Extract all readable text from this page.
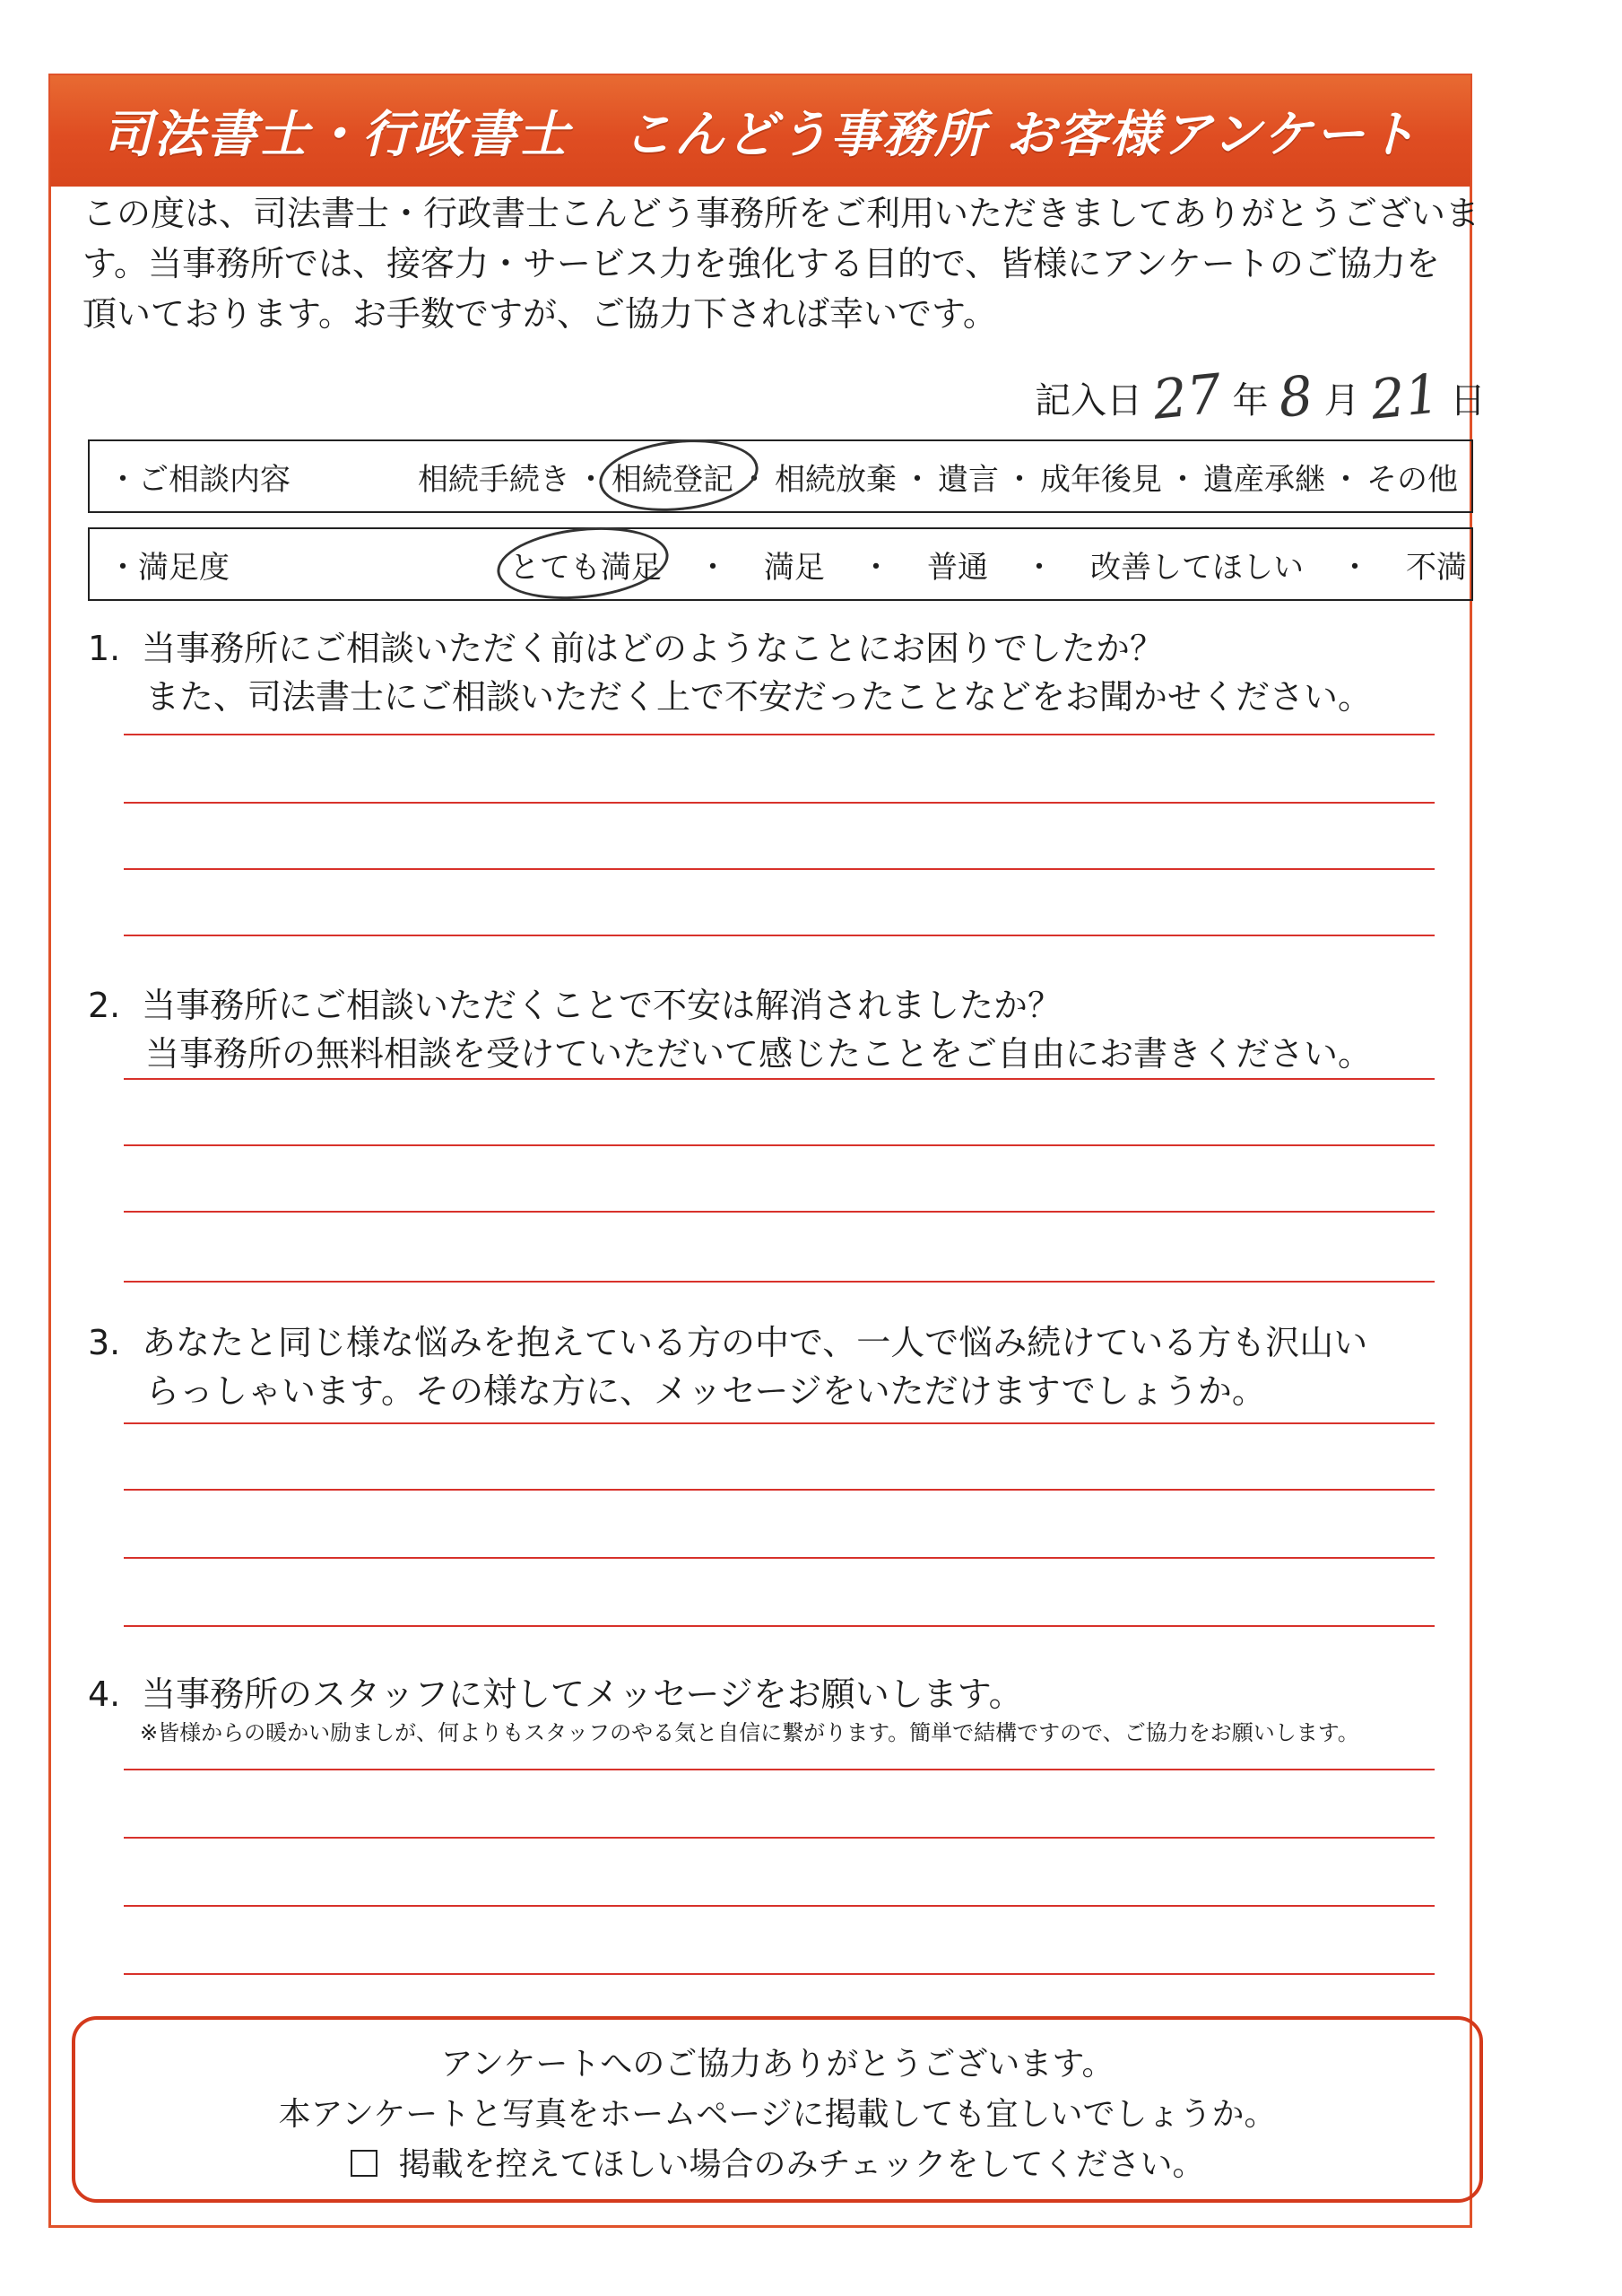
司法書士・行政書士　こんどう事務所 お客様アンケート
この度は、司法書士・行政書士こんどう事務所をご利用いただきましてありがとうございま
す。当事務所では、接客力・サービス力を強化する目的で、皆様にアンケートのご協力を
頂いております。お手数ですが、ご協力下されば幸いです。
記入日 27 年 8 月 21 日
・ご相談内容	相続手続き ・ 相続登記 ・ 相続放棄 ・ 遺言 ・ 成年後見 ・ 遺産承継 ・ その他
・満足度	とても満足	・	満足	・	普通	・	改善してほしい	・	不満
1. 当事務所にご相談いただく前はどのようなことにお困りでしたか？
また、司法書士にご相談いただく上で不安だったことなどをお聞かせください。
2. 当事務所にご相談いただくことで不安は解消されましたか？
当事務所の無料相談を受けていただいて感じたことをご自由にお書きください。
3. あなたと同じ様な悩みを抱えている方の中で、一人で悩み続けている方も沢山い
らっしゃいます。その様な方に、メッセージをいただけますでしょうか。
4. 当事務所のスタッフに対してメッセージをお願いします。
※皆様からの暖かい励ましが、何よりもスタッフのやる気と自信に繋がります。簡単で結構ですので、ご協力をお願いします。
アンケートへのご協力ありがとうございます。
本アンケートと写真をホームページに掲載しても宜しいでしょうか。
掲載を控えてほしい場合のみチェックをしてください。
